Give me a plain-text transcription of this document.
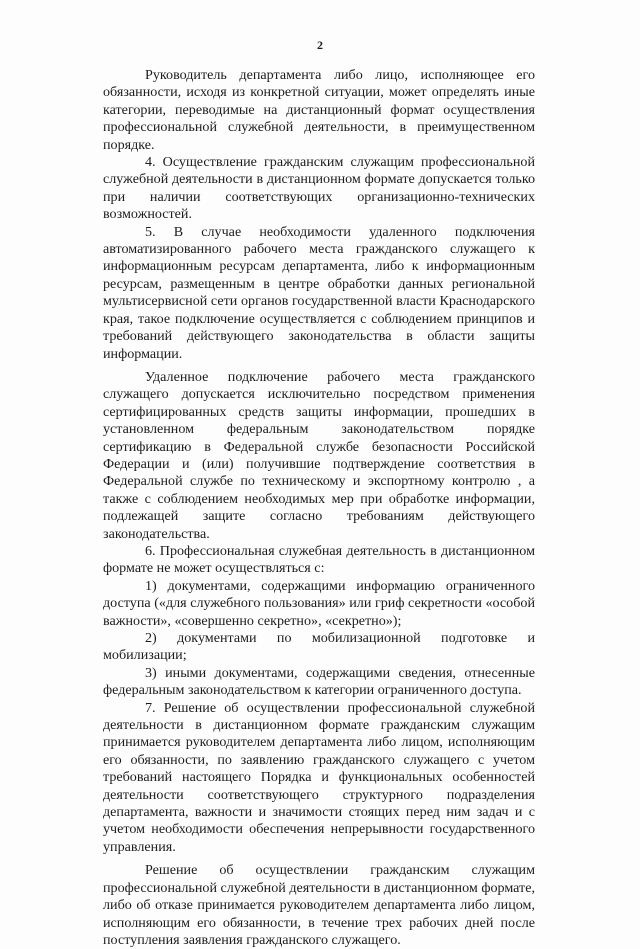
2

Руководитель департамента либо лицо, исполняющее его обязанности, исходя из конкретной ситуации, может определять иные категории, переводимые на дистанционный формат осуществления профессиональной служебной деятельности, в преимущественном порядке.

4. Осуществление гражданским служащим профессиональной служебной деятельности в дистанционном формате допускается только при наличии соответствующих организационно-технических возможностей.

5. В случае необходимости удаленного подключения автоматизированного рабочего места гражданского служащего к информационным ресурсам департамента, либо к информационным ресурсам, размещенным в центре обработки данных региональной мультисервисной сети органов государственной власти Краснодарского края, такое подключение осуществляется с соблюдением принципов и требований действующего законодательства в области защиты информации.

Удаленное подключение рабочего места гражданского служащего допускается исключительно посредством применения сертифицированных средств защиты информации, прошедших в установленном федеральным законодательством порядке сертификацию в Федеральной службе безопасности Российской Федерации и (или) получившие подтверждение соответствия в Федеральной службе по техническому и экспортному контролю , а также с соблюдением необходимых мер при обработке информации, подлежащей защите согласно требованиям действующего законодательства.

6. Профессиональная служебная деятельность в дистанционном формате не может осуществляться с:

1) документами, содержащими информацию ограниченного доступа («для служебного пользования» или гриф секретности «особой важности», «совершенно секретно», «секретно»);

2) документами по мобилизационной подготовке и мобилизации;

3) иными документами, содержащими сведения, отнесенные федеральным законодательством к категории ограниченного доступа.

7. Решение об осуществлении профессиональной служебной деятельности в дистанционном формате гражданским служащим принимается руководителем департамента либо лицом, исполняющим его обязанности, по заявлению гражданского служащего с учетом требований настоящего Порядка и функциональных особенностей деятельности соответствующего структурного подразделения департамента, важности и значимости стоящих перед ним задач и с учетом необходимости обеспечения непрерывности государственного управления.

Решение об осуществлении гражданским служащим профессиональной служебной деятельности в дистанционном формате, либо об отказе принимается руководителем департамента либо лицом, исполняющим его обязанности, в течение трех рабочих дней после поступления заявления гражданского служащего.
